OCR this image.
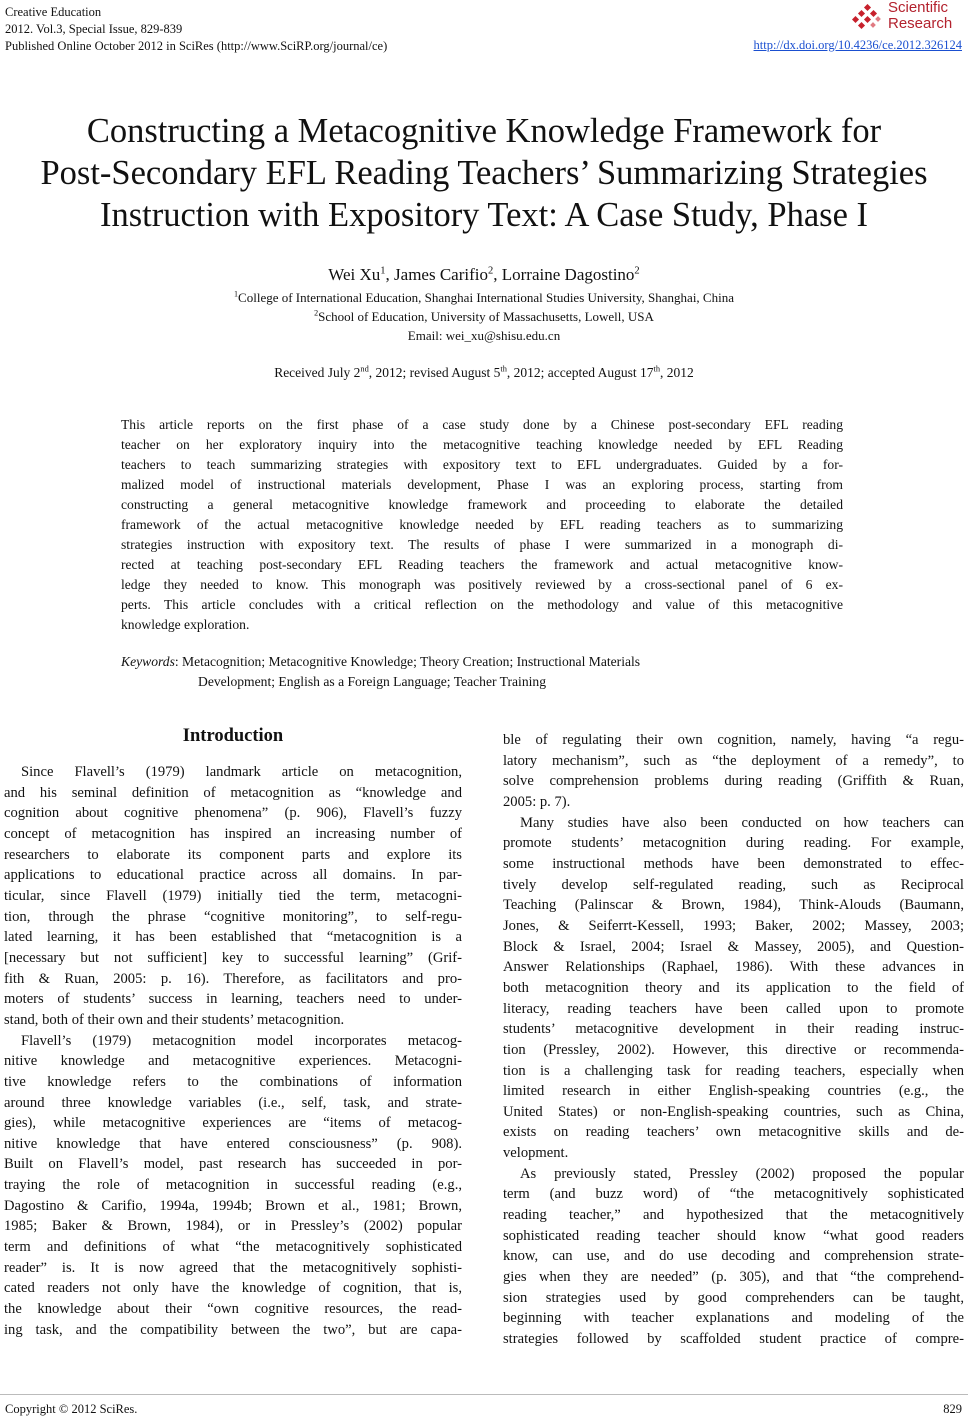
Creative Education
2012. Vol.3, Special Issue, 829-839
Published Online October 2012 in SciRes (http://www.SciRP.org/journal/ce)
Scientific
Research
http://dx.doi.org/10.4236/ce.2012.326124
Constructing a Metacognitive Knowledge Framework for
Post-Secondary EFL Reading Teachers’ Summarizing Strategies
Instruction with Expository Text: A Case Study, Phase I
Wei Xu$^1$, James Carifio$^2$, Lorraine Dagostino$^2$
$^1$College of International Education, Shanghai International Studies University, Shanghai, China
$^2$School of Education, University of Massachusetts, Lowell, USA
Email: wei_xu@shisu.edu.cn
Received July 2nd, 2012; revised August 5th, 2012; accepted August 17th, 2012
This article reports on the first phase of a case study done by a Chinese post-secondary EFL reading
teacher on her exploratory inquiry into the metacognitive teaching knowledge needed by EFL Reading
teachers to teach summarizing strategies with expository text to EFL undergraduates. Guided by a for-
malized model of instructional materials development, Phase I was an exploring process, starting from
constructing a general metacognitive knowledge framework and proceeding to elaborate the detailed
framework of the actual metacognitive knowledge needed by EFL reading teachers as to summarizing
strategies instruction with expository text. The results of phase I were summarized in a monograph di-
rected at teaching post-secondary EFL Reading teachers the framework and actual metacognitive know-
ledge they needed to know. This monograph was positively reviewed by a cross-sectional panel of 6 ex-
perts. This article concludes with a critical reflection on the methodology and value of this metacognitive
knowledge exploration.
Keywords: Metacognition; Metacognitive Knowledge; Theory Creation; Instructional Materials
Development; English as a Foreign Language; Teacher Training
Introduction
Since Flavell’s (1979) landmark article on metacognition,
and his seminal definition of metacognition as “knowledge and
cognition about cognitive phenomena” (p. 906), Flavell’s fuzzy
concept of metacognition has inspired an increasing number of
researchers to elaborate its component parts and explore its
applications to educational practice across all domains. In par-
ticular, since Flavell (1979) initially tied the term, metacogni-
tion, through the phrase “cognitive monitoring”, to self-regu-
lated learning, it has been established that “metacognition is a
[necessary but not sufficient] key to successful learning” (Grif-
fith & Ruan, 2005: p. 16). Therefore, as facilitators and pro-
moters of students’ success in learning, teachers need to under-
stand, both of their own and their students’ metacognition.
Flavell’s (1979) metacognition model incorporates metacog-
nitive knowledge and metacognitive experiences. Metacogni-
tive knowledge refers to the combinations of information
around three knowledge variables (i.e., self, task, and strate-
gies), while metacognitive experiences are “items of metacog-
nitive knowledge that have entered consciousness” (p. 908).
Built on Flavell’s model, past research has succeeded in por-
traying the role of metacognition in successful reading (e.g.,
Dagostino & Carifio, 1994a, 1994b; Brown et al., 1981; Brown,
1985; Baker & Brown, 1984), or in Pressley’s (2002) popular
term and definitions of what “the metacognitively sophisticated
reader” is. It is now agreed that the metacognitively sophisti-
cated readers not only have the knowledge of cognition, that is,
the knowledge about their “own cognitive resources, the read-
ing task, and the compatibility between the two”, but are capa-
ble of regulating their own cognition, namely, having “a regu-
latory mechanism”, such as “the deployment of a remedy”, to
solve comprehension problems during reading (Griffith & Ruan,
2005: p. 7).
Many studies have also been conducted on how teachers can
promote students’ metacognition during reading. For example,
some instructional methods have been demonstrated to effec-
tively develop self-regulated reading, such as Reciprocal
Teaching (Palinscar & Brown, 1984), Think-Alouds (Baumann,
Jones, & Seiferrt-Kessell, 1993; Baker, 2002; Massey, 2003;
Block & Israel, 2004; Israel & Massey, 2005), and Question-
Answer Relationships (Raphael, 1986). With these advances in
both metacognition theory and its application to the field of
literacy, reading teachers have been called upon to promote
students’ metacognitive development in their reading instruc-
tion (Pressley, 2002). However, this directive or recommenda-
tion is a challenging task for reading teachers, especially when
limited research in either English-speaking countries (e.g., the
United States) or non-English-speaking countries, such as China,
exists on reading teachers’ own metacognitive skills and de-
velopment.
As previously stated, Pressley (2002) proposed the popular
term (and buzz word) of “the metacognitively sophisticated
reading teacher,” and hypothesized that the metacognitively
sophisticated reading teacher should know “what good readers
know, can use, and do use decoding and comprehension strate-
gies when they are needed” (p. 305), and that “the comprehend-
sion strategies used by good comprehenders can be taught,
beginning with teacher explanations and modeling of the
strategies followed by scaffolded student practice of compre-
Copyright © 2012 SciRes.	829
